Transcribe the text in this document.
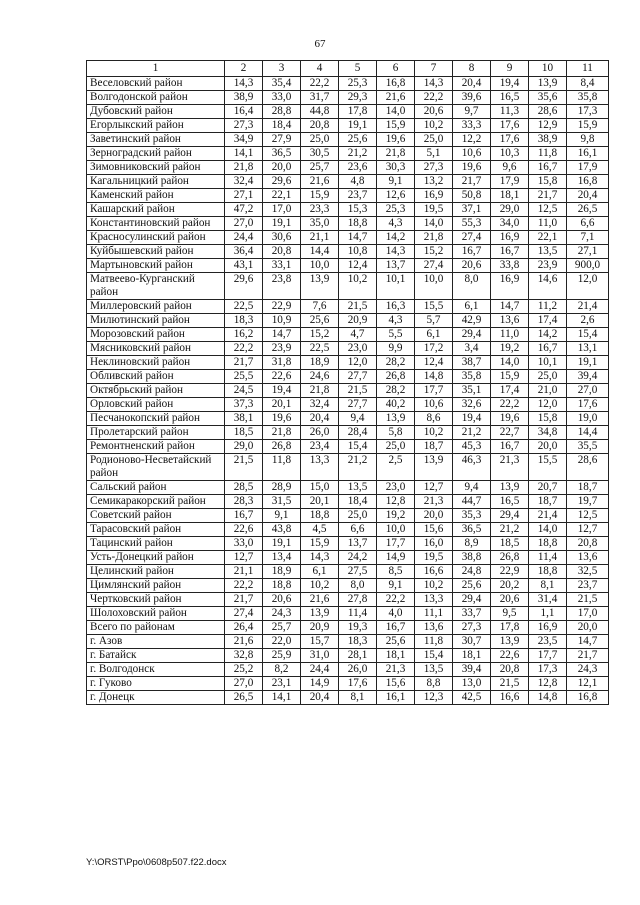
67
1	2	3	4	5	6	7	8	9	10	11
Веселовский район	14,3	35,4	22,2	25,3	16,8	14,3	20,4	19,4	13,9	8,4
Волгодонской район	38,9	33,0	31,7	29,3	21,6	22,2	39,6	16,5	35,6	35,8
Дубовский район	16,4	28,8	44,8	17,8	14,0	20,6	9,7	11,3	28,6	17,3
Егорлыкский район	27,3	18,4	20,8	19,1	15,9	10,2	33,3	17,6	12,9	15,9
Заветинский район	34,9	27,9	25,0	25,6	19,6	25,0	12,2	17,6	38,9	9,8
Зерноградский район	14,1	36,5	30,5	21,2	21,8	5,1	10,6	10,3	11,8	16,1
Зимовниковский район	21,8	20,0	25,7	23,6	30,3	27,3	19,6	9,6	16,7	17,9
Кагальницкий район	32,4	29,6	21,6	4,8	9,1	13,2	21,7	17,9	15,8	16,8
Каменский район	27,1	22,1	15,9	23,7	12,6	16,9	50,8	18,1	21,7	20,4
Кашарский район	47,2	17,0	23,3	15,3	25,3	19,5	37,1	29,0	12,5	26,5
Константиновский район	27,0	19,1	35,0	18,8	4,3	14,0	55,3	34,0	11,0	6,6
Красносулинский район	24,4	30,6	21,1	14,7	14,2	21,8	27,4	16,9	22,1	7,1
Куйбышевский район	36,4	20,8	14,4	10,8	14,3	15,2	16,7	16,7	13,5	27,1
Мартыновский район	43,1	33,1	10,0	12,4	13,7	27,4	20,6	33,8	23,9	900,0
Матвеево-Курганский район	29,6	23,8	13,9	10,2	10,1	10,0	8,0	16,9	14,6	12,0
Миллеровский район	22,5	22,9	7,6	21,5	16,3	15,5	6,1	14,7	11,2	21,4
Милютинский район	18,3	10,9	25,6	20,9	4,3	5,7	42,9	13,6	17,4	2,6
Морозовский район	16,2	14,7	15,2	4,7	5,5	6,1	29,4	11,0	14,2	15,4
Мясниковский район	22,2	23,9	22,5	23,0	9,9	17,2	3,4	19,2	16,7	13,1
Неклиновский район	21,7	31,8	18,9	12,0	28,2	12,4	38,7	14,0	10,1	19,1
Обливский район	25,5	22,6	24,6	27,7	26,8	14,8	35,8	15,9	25,0	39,4
Октябрьский район	24,5	19,4	21,8	21,5	28,2	17,7	35,1	17,4	21,0	27,0
Орловский район	37,3	20,1	32,4	27,7	40,2	10,6	32,6	22,2	12,0	17,6
Песчанокопский район	38,1	19,6	20,4	9,4	13,9	8,6	19,4	19,6	15,8	19,0
Пролетарский район	18,5	21,8	26,0	28,4	5,8	10,2	21,2	22,7	34,8	14,4
Ремонтненский район	29,0	26,8	23,4	15,4	25,0	18,7	45,3	16,7	20,0	35,5
Родионово-Несветайский район	21,5	11,8	13,3	21,2	2,5	13,9	46,3	21,3	15,5	28,6
Сальский район	28,5	28,9	15,0	13,5	23,0	12,7	9,4	13,9	20,7	18,7
Семикаракорский район	28,3	31,5	20,1	18,4	12,8	21,3	44,7	16,5	18,7	19,7
Советский район	16,7	9,1	18,8	25,0	19,2	20,0	35,3	29,4	21,4	12,5
Тарасовский район	22,6	43,8	4,5	6,6	10,0	15,6	36,5	21,2	14,0	12,7
Тацинский район	33,0	19,1	15,9	13,7	17,7	16,0	8,9	18,5	18,8	20,8
Усть-Донецкий район	12,7	13,4	14,3	24,2	14,9	19,5	38,8	26,8	11,4	13,6
Целинский район	21,1	18,9	6,1	27,5	8,5	16,6	24,8	22,9	18,8	32,5
Цимлянский район	22,2	18,8	10,2	8,0	9,1	10,2	25,6	20,2	8,1	23,7
Чертковский район	21,7	20,6	21,6	27,8	22,2	13,3	29,4	20,6	31,4	21,5
Шолоховский район	27,4	24,3	13,9	11,4	4,0	11,1	33,7	9,5	1,1	17,0
Всего по районам	26,4	25,7	20,9	19,3	16,7	13,6	27,3	17,8	16,9	20,0
г. Азов	21,6	22,0	15,7	18,3	25,6	11,8	30,7	13,9	23,5	14,7
г. Батайск	32,8	25,9	31,0	28,1	18,1	15,4	18,1	22,6	17,7	21,7
г. Волгодонск	25,2	8,2	24,4	26,0	21,3	13,5	39,4	20,8	17,3	24,3
г. Гуково	27,0	23,1	14,9	17,6	15,6	8,8	13,0	21,5	12,8	12,1
г. Донецк	26,5	14,1	20,4	8,1	16,1	12,3	42,5	16,6	14,8	16,8
Y:\ORST\Ppo\0608p507.f22.docx
